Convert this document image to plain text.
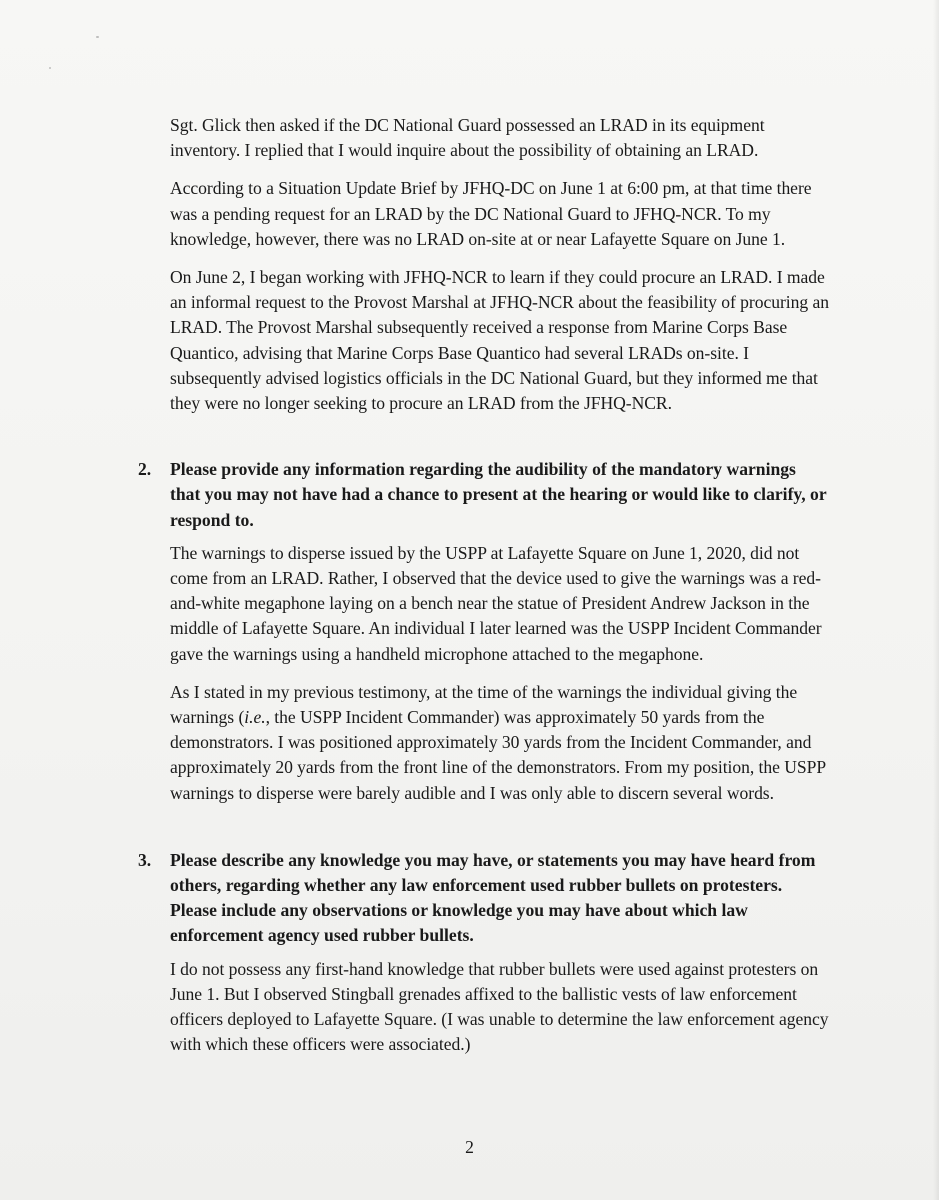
Sgt. Glick then asked if the DC National Guard possessed an LRAD in its equipment inventory. I replied that I would inquire about the possibility of obtaining an LRAD.

According to a Situation Update Brief by JFHQ-DC on June 1 at 6:00 pm, at that time there was a pending request for an LRAD by the DC National Guard to JFHQ-NCR. To my knowledge, however, there was no LRAD on-site at or near Lafayette Square on June 1.

On June 2, I began working with JFHQ-NCR to learn if they could procure an LRAD. I made an informal request to the Provost Marshal at JFHQ-NCR about the feasibility of procuring an LRAD. The Provost Marshal subsequently received a response from Marine Corps Base Quantico, advising that Marine Corps Base Quantico had several LRADs on-site. I subsequently advised logistics officials in the DC National Guard, but they informed me that they were no longer seeking to procure an LRAD from the JFHQ-NCR.

2. Please provide any information regarding the audibility of the mandatory warnings that you may not have had a chance to present at the hearing or would like to clarify, or respond to.

The warnings to disperse issued by the USPP at Lafayette Square on June 1, 2020, did not come from an LRAD. Rather, I observed that the device used to give the warnings was a red-and-white megaphone laying on a bench near the statue of President Andrew Jackson in the middle of Lafayette Square. An individual I later learned was the USPP Incident Commander gave the warnings using a handheld microphone attached to the megaphone.

As I stated in my previous testimony, at the time of the warnings the individual giving the warnings (i.e., the USPP Incident Commander) was approximately 50 yards from the demonstrators. I was positioned approximately 30 yards from the Incident Commander, and approximately 20 yards from the front line of the demonstrators. From my position, the USPP warnings to disperse were barely audible and I was only able to discern several words.

3. Please describe any knowledge you may have, or statements you may have heard from others, regarding whether any law enforcement used rubber bullets on protesters. Please include any observations or knowledge you may have about which law enforcement agency used rubber bullets.

I do not possess any first-hand knowledge that rubber bullets were used against protesters on June 1. But I observed Stingball grenades affixed to the ballistic vests of law enforcement officers deployed to Lafayette Square. (I was unable to determine the law enforcement agency with which these officers were associated.)

2
